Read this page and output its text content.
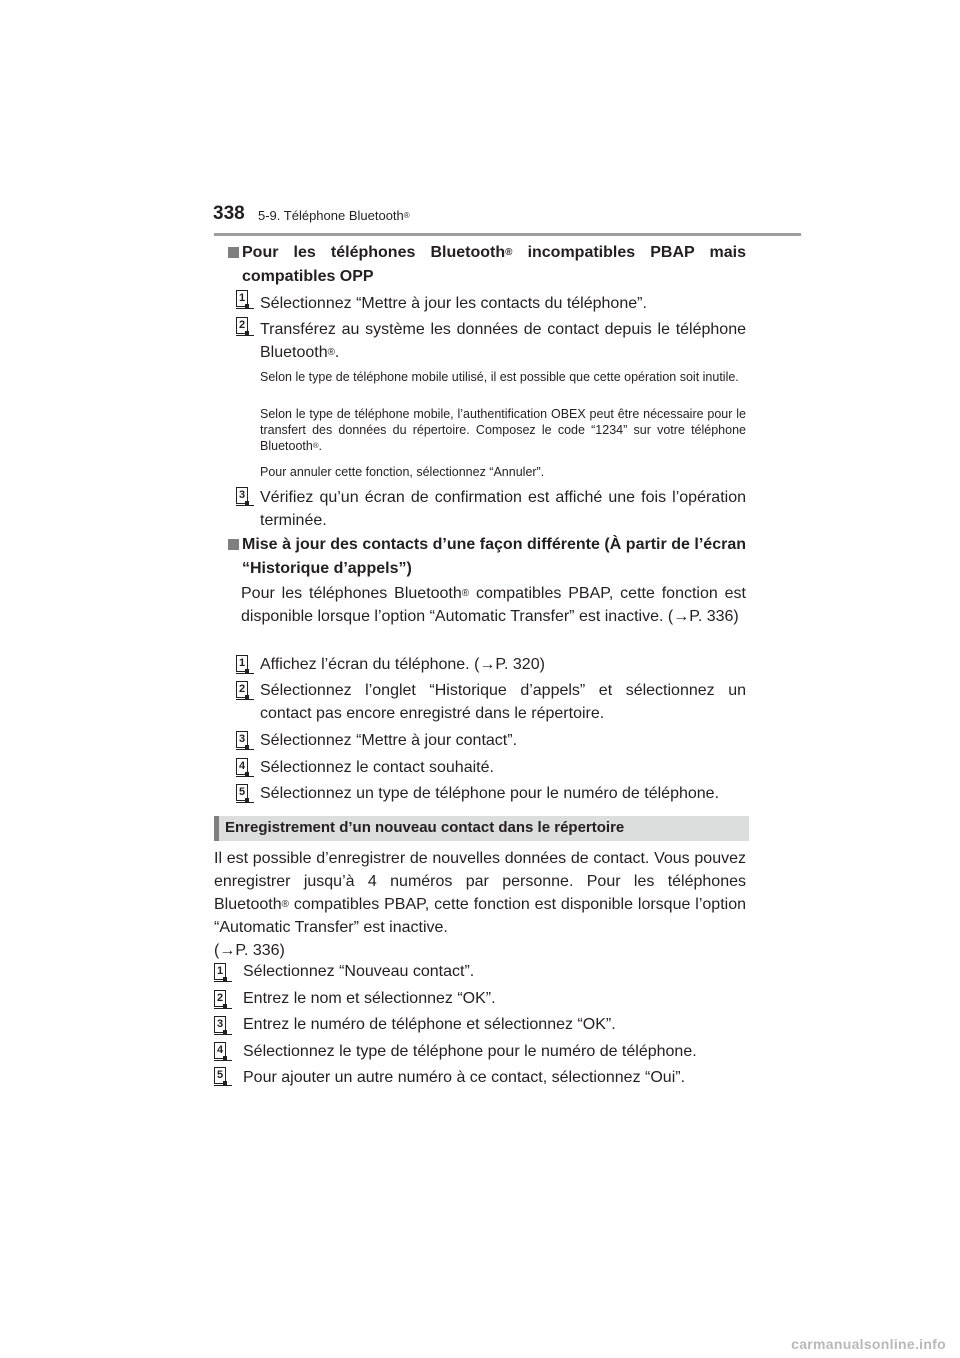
338 5-9. Téléphone Bluetooth®
Pour les téléphones Bluetooth® incompatibles PBAP mais compatibles OPP
1 Sélectionnez “Mettre à jour les contacts du téléphone”.
2 Transférez au système les données de contact depuis le téléphone Bluetooth®.
Selon le type de téléphone mobile utilisé, il est possible que cette opération soit inutile.
Selon le type de téléphone mobile, l’authentification OBEX peut être nécessaire pour le transfert des données du répertoire. Composez le code “1234” sur votre téléphone Bluetooth®.
Pour annuler cette fonction, sélectionnez “Annuler”.
3 Vérifiez qu’un écran de confirmation est affiché une fois l’opération terminée.
Mise à jour des contacts d’une façon différente (À partir de l’écran “Historique d’appels”)
Pour les téléphones Bluetooth® compatibles PBAP, cette fonction est disponible lorsque l’option “Automatic Transfer” est inactive. (→P. 336)
1 Affichez l’écran du téléphone. (→P. 320)
2 Sélectionnez l’onglet “Historique d’appels” et sélectionnez un contact pas encore enregistré dans le répertoire.
3 Sélectionnez “Mettre à jour contact”.
4 Sélectionnez le contact souhaité.
5 Sélectionnez un type de téléphone pour le numéro de téléphone.
Enregistrement d’un nouveau contact dans le répertoire
Il est possible d’enregistrer de nouvelles données de contact. Vous pouvez enregistrer jusqu’à 4 numéros par personne. Pour les téléphones Bluetooth® compatibles PBAP, cette fonction est disponible lorsque l’option “Automatic Transfer” est inactive.
(→P. 336)
1 Sélectionnez “Nouveau contact”.
2 Entrez le nom et sélectionnez “OK”.
3 Entrez le numéro de téléphone et sélectionnez “OK”.
4 Sélectionnez le type de téléphone pour le numéro de téléphone.
5 Pour ajouter un autre numéro à ce contact, sélectionnez “Oui”.
carmanualsonline.info
